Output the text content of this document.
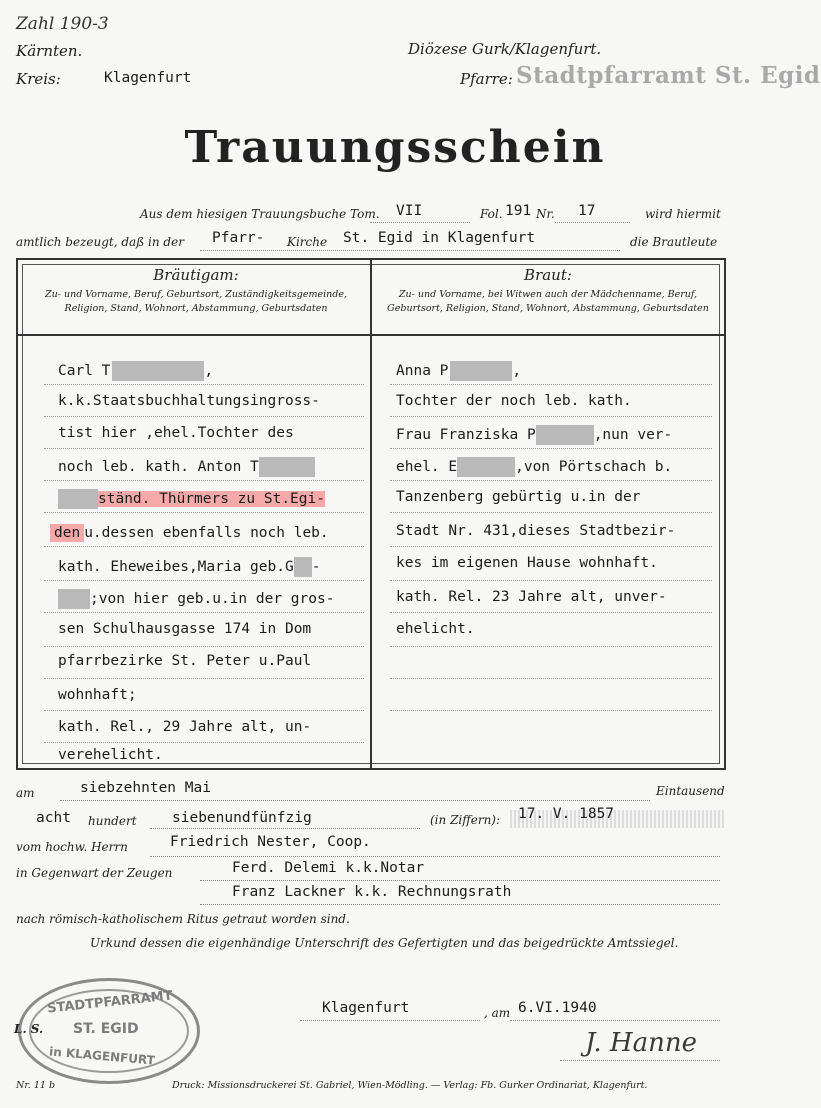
Zahl 190-3
Kärnten.
Kreis:	Klagenfurt
Diözese Gurk/Klagenfurt.
Pfarre: Stadtpfarramt St. Egid
Trauungsschein
Aus dem hiesigen Trauungsbuche Tom. VII	Fol. 191 Nr. 17	wird hiermit
amtlich bezeugt, daß in der Pfarr- Kirche St. Egid in Klagenfurt	die Brautleute
Bräutigam:
Zu- und Vorname, Beruf, Geburtsort, Zuständigkeitsgemeinde, Religion, Stand, Wohnort, Abstammung, Geburtsdaten
Braut:
Zu- und Vorname, bei Witwen auch der Mädchenname, Beruf, Geburtsort, Religion, Stand, Wohnort, Abstammung, Geburtsdaten
Carl T	,
k.k.Staatsbuchhaltungsingross-
tist hier ,ehel.Tochter des
noch leb. kath. Anton T
ständ. Thürmers zu St.Egi-
den u.dessen ebenfalls noch leb.
kath. Eheweibes,Maria geb.G -
;von hier geb.u.in der gros-
sen Schulhausgasse 174 in Dom
pfarrbezirke St. Peter u.Paul
wohnhaft;
kath. Rel., 29 Jahre alt, un-
verehelicht.
Anna P	,
Tochter der noch leb. kath.
Frau Franziska P	,nun ver-
ehel. E	,von Pörtschach b.
Tanzenberg gebürtig u.in der
Stadt Nr. 431,dieses Stadtbezir-
kes im eigenen Hause wohnhaft.
kath. Rel. 23 Jahre alt, unver-
ehelicht.
am	siebzehnten Mai	Eintausend
acht hundert siebenundfünfzig	(in Ziffern): 17. V. 1857
vom hochw. Herrn	Friedrich Nester, Coop.
in Gegenwart der Zeugen	Ferd. Delemi k.k.Notar
Franz Lackner k.k. Rechnungsrath
nach römisch-katholischem Ritus getraut worden sind.
Urkund dessen die eigenhändige Unterschrift des Gefertigten und das beigedrückte Amtssiegel.
Klagenfurt	, am 6.VI.1940
STADTPFARRAMT
ST. EGID
in KLAGENFURT
L. S.	J. Hanne
Nr. 11 b	Druck: Missionsdruckerei St. Gabriel, Wien-Mödling. — Verlag: Fb. Gurker Ordinariat, Klagenfurt.
